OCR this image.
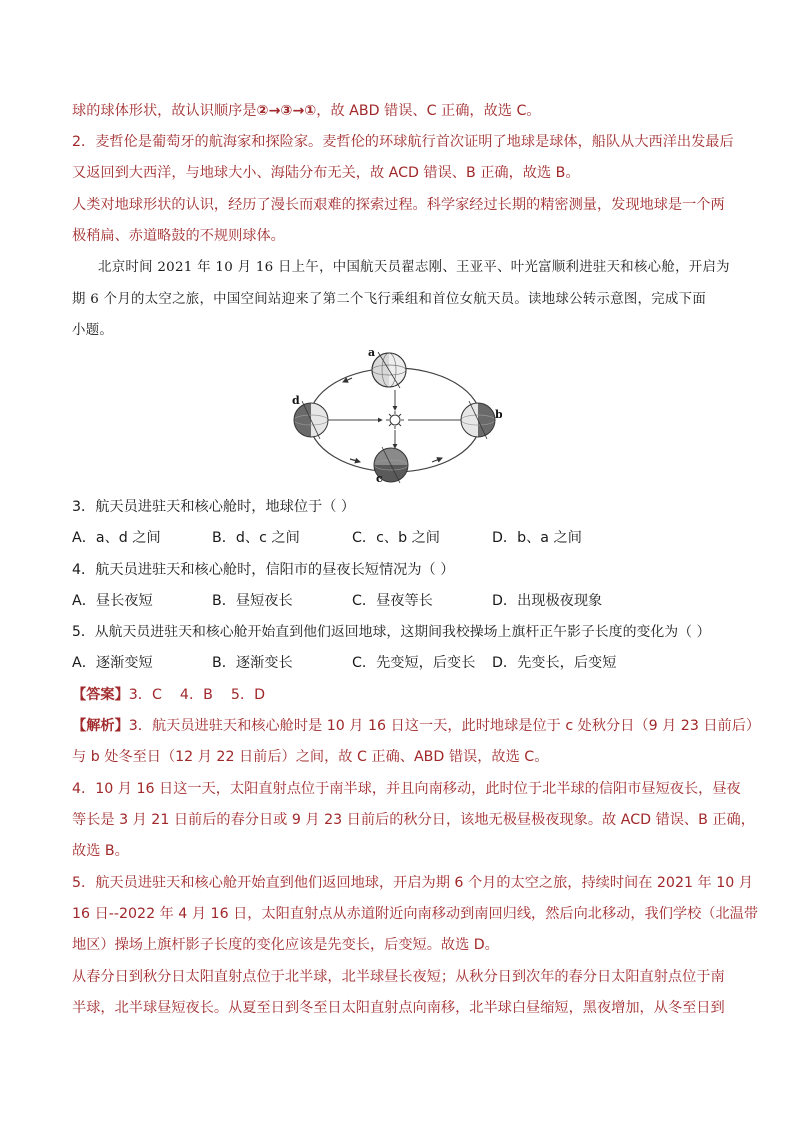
球的球体形状，故认识顺序是②→③→①，故 ABD 错误、C 正确，故选 C。
2．麦哲伦是葡萄牙的航海家和探险家。麦哲伦的环球航行首次证明了地球是球体，船队从大西洋出发最后
又返回到大西洋，与地球大小、海陆分布无关，故 ACD 错误、B 正确，故选 B。
人类对地球形状的认识，经历了漫长而艰难的探索过程。科学家经过长期的精密测量，发现地球是一个两
极稍扁、赤道略鼓的不规则球体。
北京时间 2021 年 10 月 16 日上午，中国航天员翟志刚、王亚平、叶光富顺利进驻天和核心舱，开启为
期 6 个月的太空之旅，中国空间站迎来了第二个飞行乘组和首位女航天员。读地球公转示意图，完成下面
小题。
a
d
b
c
3．航天员进驻天和核心舱时，地球位于（ ）
A．a、d 之间	B．d、c 之间	C．c、b 之间	D．b、a 之间
4．航天员进驻天和核心舱时，信阳市的昼夜长短情况为（ ）
A．昼长夜短	B．昼短夜长	C．昼夜等长	D．出现极夜现象
5．从航天员进驻天和核心舱开始直到他们返回地球，这期间我校操场上旗杆正午影子长度的变化为（ ）
A．逐渐变短	B．逐渐变长	C．先变短，后变长 D．先变长，后变短
【答案】3．C    4．B    5．D
【解析】3．航天员进驻天和核心舱时是 10 月 16 日这一天，此时地球是位于 c 处秋分日（9 月 23 日前后）
与 b 处冬至日（12 月 22 日前后）之间，故 C 正确、ABD 错误，故选 C。
4．10 月 16 日这一天，太阳直射点位于南半球，并且向南移动，此时位于北半球的信阳市昼短夜长，昼夜
等长是 3 月 21 日前后的春分日或 9 月 23 日前后的秋分日，该地无极昼极夜现象。故 ACD 错误、B 正确，
故选 B。
5．航天员进驻天和核心舱开始直到他们返回地球，开启为期 6 个月的太空之旅，持续时间在 2021 年 10 月
16 日--2022 年 4 月 16 日，太阳直射点从赤道附近向南移动到南回归线，然后向北移动，我们学校（北温带
地区）操场上旗杆影子长度的变化应该是先变长，后变短。故选 D。
从春分日到秋分日太阳直射点位于北半球，北半球昼长夜短；从秋分日到次年的春分日太阳直射点位于南
半球，北半球昼短夜长。从夏至日到冬至日太阳直射点向南移，北半球白昼缩短，黑夜增加，从冬至日到
